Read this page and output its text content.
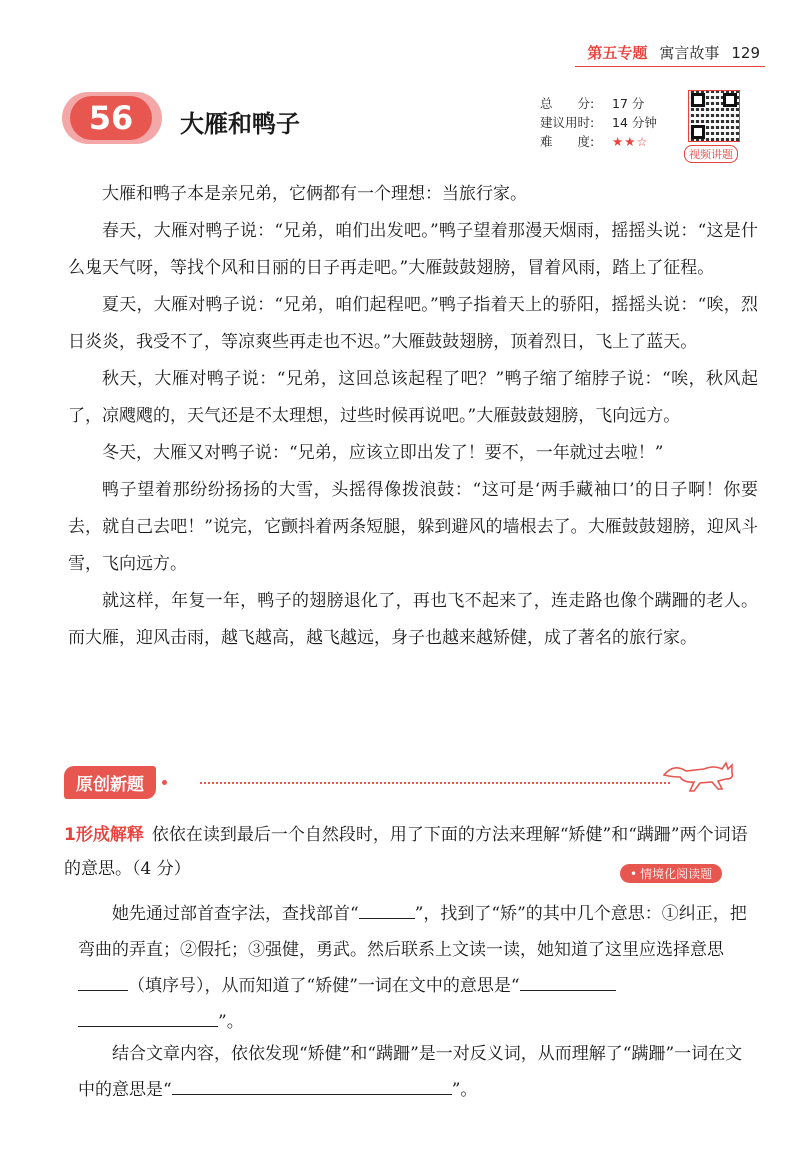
第五专题 寓言故事 129
56	大雁和鸭子
总　　分:	17 分
建议用时:	14 分钟
难　　度:	★★☆
视频讲题

大雁和鸭子本是亲兄弟，它俩都有一个理想：当旅行家。

春天，大雁对鸭子说：“兄弟，咱们出发吧。”鸭子望着那漫天烟雨，摇摇头说：“这是什么鬼天气呀，等找个风和日丽的日子再走吧。”大雁鼓鼓翅膀，冒着风雨，踏上了征程。

夏天，大雁对鸭子说：“兄弟，咱们起程吧。”鸭子指着天上的骄阳，摇摇头说：“唉，烈日炎炎，我受不了，等凉爽些再走也不迟。”大雁鼓鼓翅膀，顶着烈日，飞上了蓝天。

秋天，大雁对鸭子说：“兄弟，这回总该起程了吧？”鸭子缩了缩脖子说：“唉，秋风起了，凉飕飕的，天气还是不太理想，过些时候再说吧。”大雁鼓鼓翅膀，飞向远方。

冬天，大雁又对鸭子说：“兄弟，应该立即出发了！要不，一年就过去啦！”

鸭子望着那纷纷扬扬的大雪，头摇得像拨浪鼓：“这可是‘两手藏袖口’的日子啊！你要去，就自己去吧！”说完，它颤抖着两条短腿，躲到避风的墙根去了。大雁鼓鼓翅膀，迎风斗雪，飞向远方。

就这样，年复一年，鸭子的翅膀退化了，再也飞不起来了，连走路也像个蹒跚的老人。而大雁，迎风击雨，越飞越高，越飞越远，身子也越来越矫健，成了著名的旅行家。

原创新题
1形成解释 依依在读到最后一个自然段时，用了下面的方法来理解“矫健”和“蹒跚”两个词语的意思。（4 分）
•	情境化阅读题
她先通过部首查字法，查找部首“	”，找到了“矫”的其中几个意思：①纠正，把弯曲的弄直；②假托；③强健，勇武。然后联系上文读一读，她知道了这里应选择意思（填序号），从而知道了“矫健”一词在文中的意思是“
”。
结合文章内容，依依发现“矫健”和“蹒跚”是一对反义词，从而理解了“蹒跚”一词在文中的意思是“	”。
